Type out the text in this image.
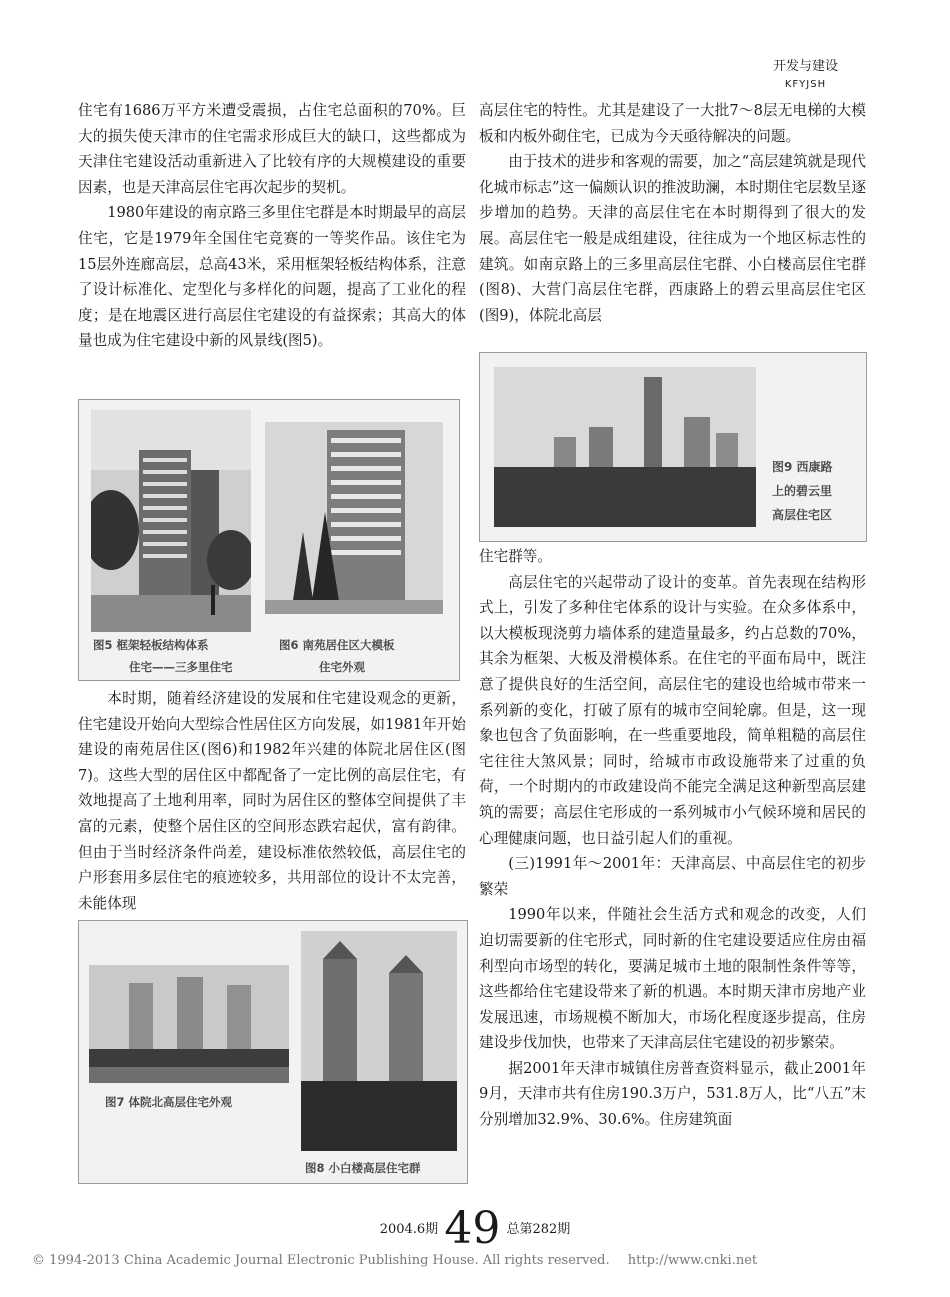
开发与建设
KFYJSH

住宅有1686万平方米遭受震损，占住宅总面积的70%。巨大的损失使天津市的住宅需求形成巨大的缺口，这些都成为天津住宅建设活动重新进入了比较有序的大规模建设的重要因素，也是天津高层住宅再次起步的契机。

1980年建设的南京路三多里住宅群是本时期最早的高层住宅，它是1979年全国住宅竞赛的一等奖作品。该住宅为15层外连廊高层，总高43米，采用框架轻板结构体系，注意了设计标准化、定型化与多样化的问题，提高了工业化的程度；是在地震区进行高层住宅建设的有益探索；其高大的体量也成为住宅建设中新的风景线(图5)。

图5 框架轻板结构体系
住宅——三多里住宅
图6 南苑居住区大模板
住宅外观

本时期，随着经济建设的发展和住宅建设观念的更新，住宅建设开始向大型综合性居住区方向发展，如1981年开始建设的南苑居住区(图6)和1982年兴建的体院北居住区(图7)。这些大型的居住区中都配备了一定比例的高层住宅，有效地提高了土地利用率，同时为居住区的整体空间提供了丰富的元素，使整个居住区的空间形态跌宕起伏，富有韵律。但由于当时经济条件尚差，建设标准依然较低，高层住宅的户形套用多层住宅的痕迹较多，共用部位的设计不太完善，未能体现

图7 体院北高层住宅外观
图8 小白楼高层住宅群

高层住宅的特性。尤其是建设了一大批7～8层无电梯的大模板和内板外砌住宅，已成为今天亟待解决的问题。

由于技术的进步和客观的需要，加之“高层建筑就是现代化城市标志”这一偏颇认识的推波助澜，本时期住宅层数呈逐步增加的趋势。天津的高层住宅在本时期得到了很大的发展。高层住宅一般是成组建设，往往成为一个地区标志性的建筑。如南京路上的三多里高层住宅群、小白楼高层住宅群(图8)、大营门高层住宅群，西康路上的碧云里高层住宅区(图9)，体院北高层

图9 西康路
上的碧云里
高层住宅区

住宅群等。

高层住宅的兴起带动了设计的变革。首先表现在结构形式上，引发了多种住宅体系的设计与实验。在众多体系中，以大模板现浇剪力墙体系的建造量最多，约占总数的70%，其余为框架、大板及滑模体系。在住宅的平面布局中，既注意了提供良好的生活空间，高层住宅的建设也给城市带来一系列新的变化，打破了原有的城市空间轮廓。但是，这一现象也包含了负面影响，在一些重要地段，简单粗糙的高层住宅往往大煞风景；同时，给城市市政设施带来了过重的负荷，一个时期内的市政建设尚不能完全满足这种新型高层建筑的需要；高层住宅形成的一系列城市小气候环境和居民的心理健康问题，也日益引起人们的重视。

(三)1991年～2001年：天津高层、中高层住宅的初步繁荣

1990年以来，伴随社会生活方式和观念的改变，人们迫切需要新的住宅形式，同时新的住宅建设要适应住房由福利型向市场型的转化，要满足城市土地的限制性条件等等，这些都给住宅建设带来了新的机遇。本时期天津市房地产业发展迅速，市场规模不断加大，市场化程度逐步提高，住房建设步伐加快，也带来了天津高层住宅建设的初步繁荣。

据2001年天津市城镇住房普查资料显示，截止2001年9月，天津市共有住房190.3万户，531.8万人，比“八五”末分别增加32.9%、30.6%。住房建筑面

2004.6期 49 总第282期
© 1994-2013 China Academic Journal Electronic Publishing House. All rights reserved. http://www.cnki.net
